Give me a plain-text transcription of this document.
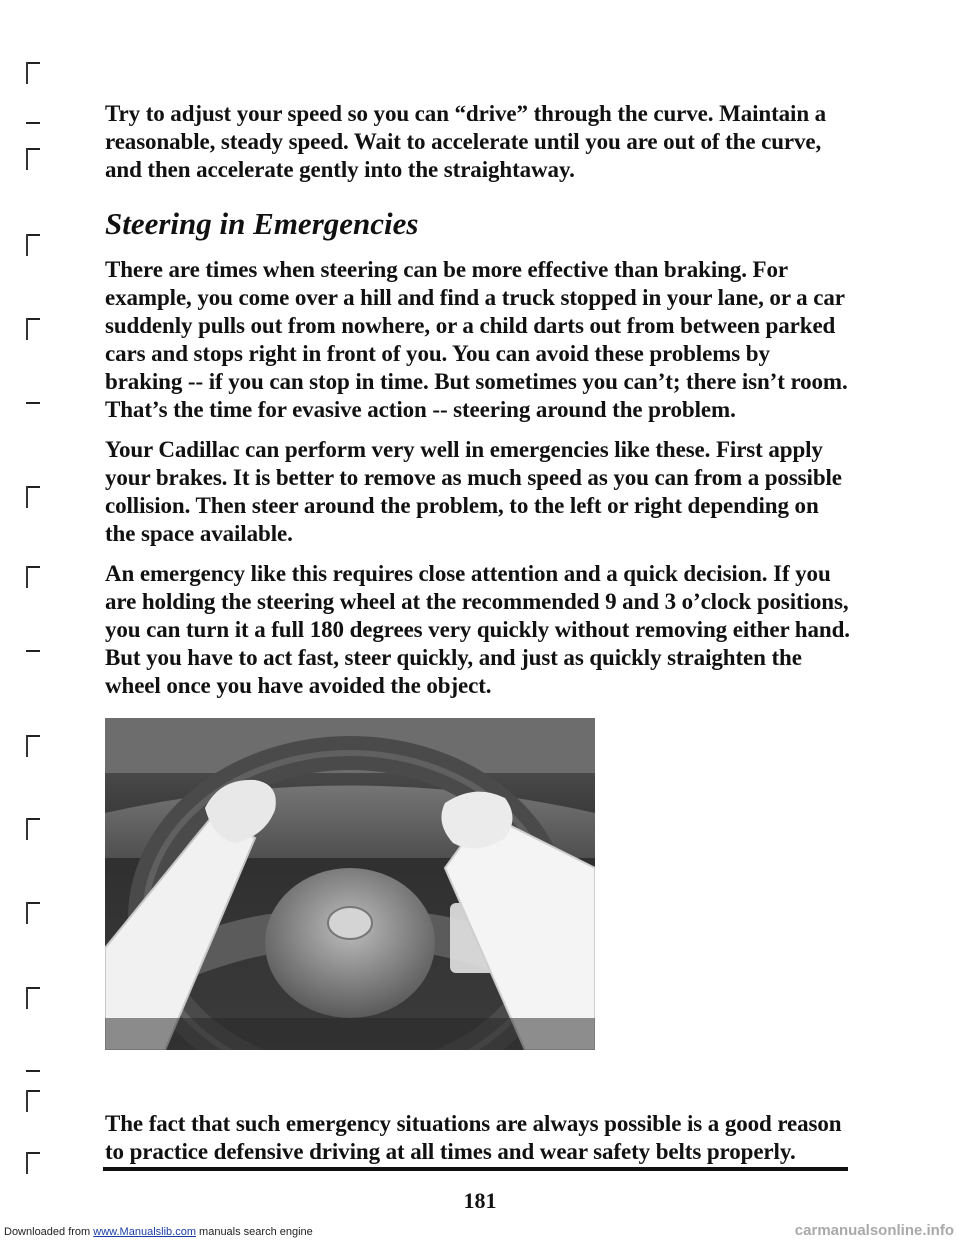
Try to adjust your speed so you can “drive” through the curve. Maintain a reasonable, steady speed. Wait to accelerate until you are out of the curve, and then accelerate gently into the straightaway.

Steering in Emergencies

There are times when steering can be more effective than braking. For example, you come over a hill and find a truck stopped in your lane, or a car suddenly pulls out from nowhere, or a child darts out from between parked cars and stops right in front of you. You can avoid these problems by braking -- if you can stop in time. But sometimes you can’t; there isn’t room. That’s the time for evasive action -- steering around the problem.

Your Cadillac can perform very well in emergencies like these. First apply your brakes. It is better to remove as much speed as you can from a possible collision. Then steer around the problem, to the left or right depending on the space available.

An emergency like this requires close attention and a quick decision. If you are holding the steering wheel at the recommended 9 and 3 o’clock positions, you can turn it a full 180 degrees very quickly without removing either hand. But you have to act fast, steer quickly, and just as quickly straighten the wheel once you have avoided the object.

The fact that such emergency situations are always possible is a good reason to practice defensive driving at all times and wear safety belts properly.

181
Downloaded from www.Manualslib.com manuals search engine	carmanualsonline.info
